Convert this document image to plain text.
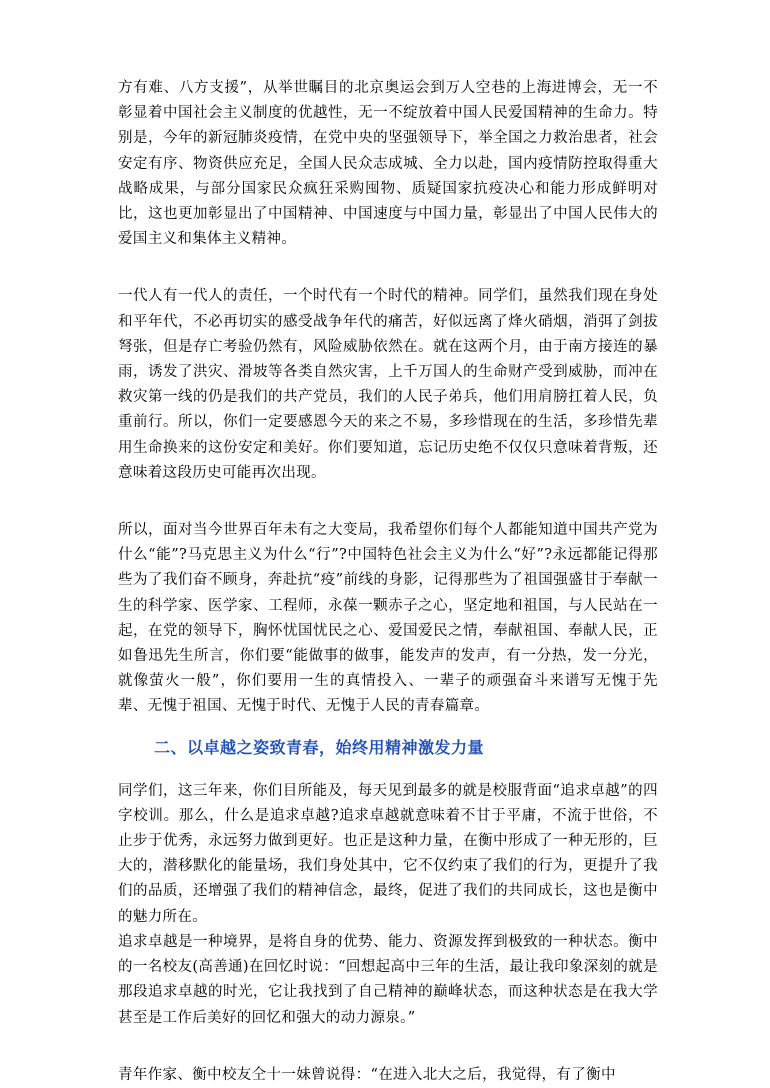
方有难、八方支援”，从举世瞩目的北京奥运会到万人空巷的上海进博会，无一不彰显着中国社会主义制度的优越性，无一不绽放着中国人民爱国精神的生命力。特别是，今年的新冠肺炎疫情，在党中央的坚强领导下，举全国之力救治患者，社会安定有序、物资供应充足，全国人民众志成城、全力以赴，国内疫情防控取得重大战略成果，与部分国家民众疯狂采购囤物、质疑国家抗疫决心和能力形成鲜明对比，这也更加彰显出了中国精神、中国速度与中国力量，彰显出了中国人民伟大的爱国主义和集体主义精神。

一代人有一代人的责任，一个时代有一个时代的精神。同学们，虽然我们现在身处和平年代，不必再切实的感受战争年代的痛苦，好似远离了烽火硝烟，消弭了剑拔弩张，但是存亡考验仍然有，风险威胁依然在。就在这两个月，由于南方接连的暴雨，诱发了洪灾、滑坡等各类自然灾害，上千万国人的生命财产受到威胁，而冲在救灾第一线的仍是我们的共产党员，我们的人民子弟兵，他们用肩膀扛着人民，负重前行。所以，你们一定要感恩今天的来之不易，多珍惜现在的生活，多珍惜先辈用生命换来的这份安定和美好。你们要知道，忘记历史绝不仅仅只意味着背叛，还意味着这段历史可能再次出现。

所以，面对当今世界百年未有之大变局，我希望你们每个人都能知道中国共产党为什么“能”?马克思主义为什么“行”?中国特色社会主义为什么“好”?永远都能记得那些为了我们奋不顾身，奔赴抗“疫”前线的身影，记得那些为了祖国强盛甘于奉献一生的科学家、医学家、工程师，永葆一颗赤子之心，坚定地和祖国，与人民站在一起，在党的领导下，胸怀忧国忧民之心、爱国爱民之情，奉献祖国、奉献人民，正如鲁迅先生所言，你们要“能做事的做事，能发声的发声，有一分热，发一分光，就像萤火一般”，你们要用一生的真情投入、一辈子的顽强奋斗来谱写无愧于先辈、无愧于祖国、无愧于时代、无愧于人民的青春篇章。

二、以卓越之姿致青春，始终用精神激发力量

同学们，这三年来，你们目所能及，每天见到最多的就是校服背面“追求卓越”的四字校训。那么，什么是追求卓越?追求卓越就意味着不甘于平庸，不流于世俗，不止步于优秀，永远努力做到更好。也正是这种力量，在衡中形成了一种无形的，巨大的，潜移默化的能量场，我们身处其中，它不仅约束了我们的行为，更提升了我们的品质，还增强了我们的精神信念，最终，促进了我们的共同成长，这也是衡中的魅力所在。
追求卓越是一种境界，是将自身的优势、能力、资源发挥到极致的一种状态。衡中的一名校友(高善通)在回忆时说：“回想起高中三年的生活，最让我印象深刻的就是那段追求卓越的时光，它让我找到了自己精神的巅峰状态，而这种状态是在我大学甚至是工作后美好的回忆和强大的动力源泉。”

青年作家、衡中校友仝十一妹曾说得：“在进入北大之后，我觉得，有了衡中
